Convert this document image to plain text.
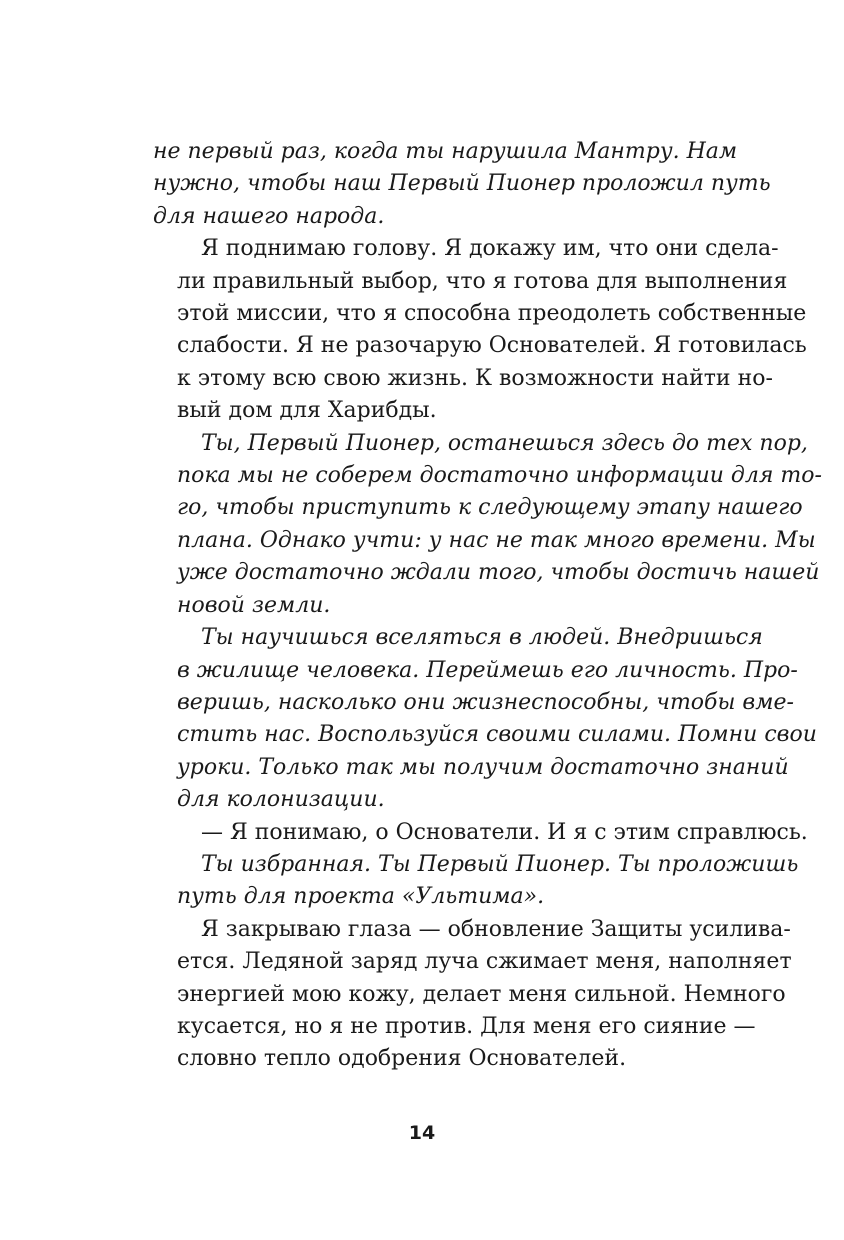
не первый раз, когда ты нарушила Мантру. Нам
нужно, чтобы наш Первый Пионер проложил путь
для нашего народа.
Я поднимаю голову. Я докажу им, что они сдела-
ли правильный выбор, что я готова для выполнения
этой миссии, что я способна преодолеть собственные
слабости. Я не разочарую Основателей. Я готовилась
к этому всю свою жизнь. К возможности найти но-
вый дом для Харибды.
Ты, Первый Пионер, останешься здесь до тех пор,
пока мы не соберем достаточно информации для то-
го, чтобы приступить к следующему этапу нашего
плана. Однако учти: у нас не так много времени. Мы
уже достаточно ждали того, чтобы достичь нашей
новой земли.
Ты научишься вселяться в людей. Внедришься
в жилище человека. Переймешь его личность. Про-
веришь, насколько они жизнеспособны, чтобы вме-
стить нас. Воспользуйся своими силами. Помни свои
уроки. Только так мы получим достаточно знаний
для колонизации.
— Я понимаю, о Основатели. И я с этим справлюсь.
Ты избранная. Ты Первый Пионер. Ты проложишь
путь для проекта «Ультима».
Я закрываю глаза — обновление Защиты усилива-
ется. Ледяной заряд луча сжимает меня, наполняет
энергией мою кожу, делает меня сильной. Немного
кусается, но я не против. Для меня его сияние —
словно тепло одобрения Основателей.
14
